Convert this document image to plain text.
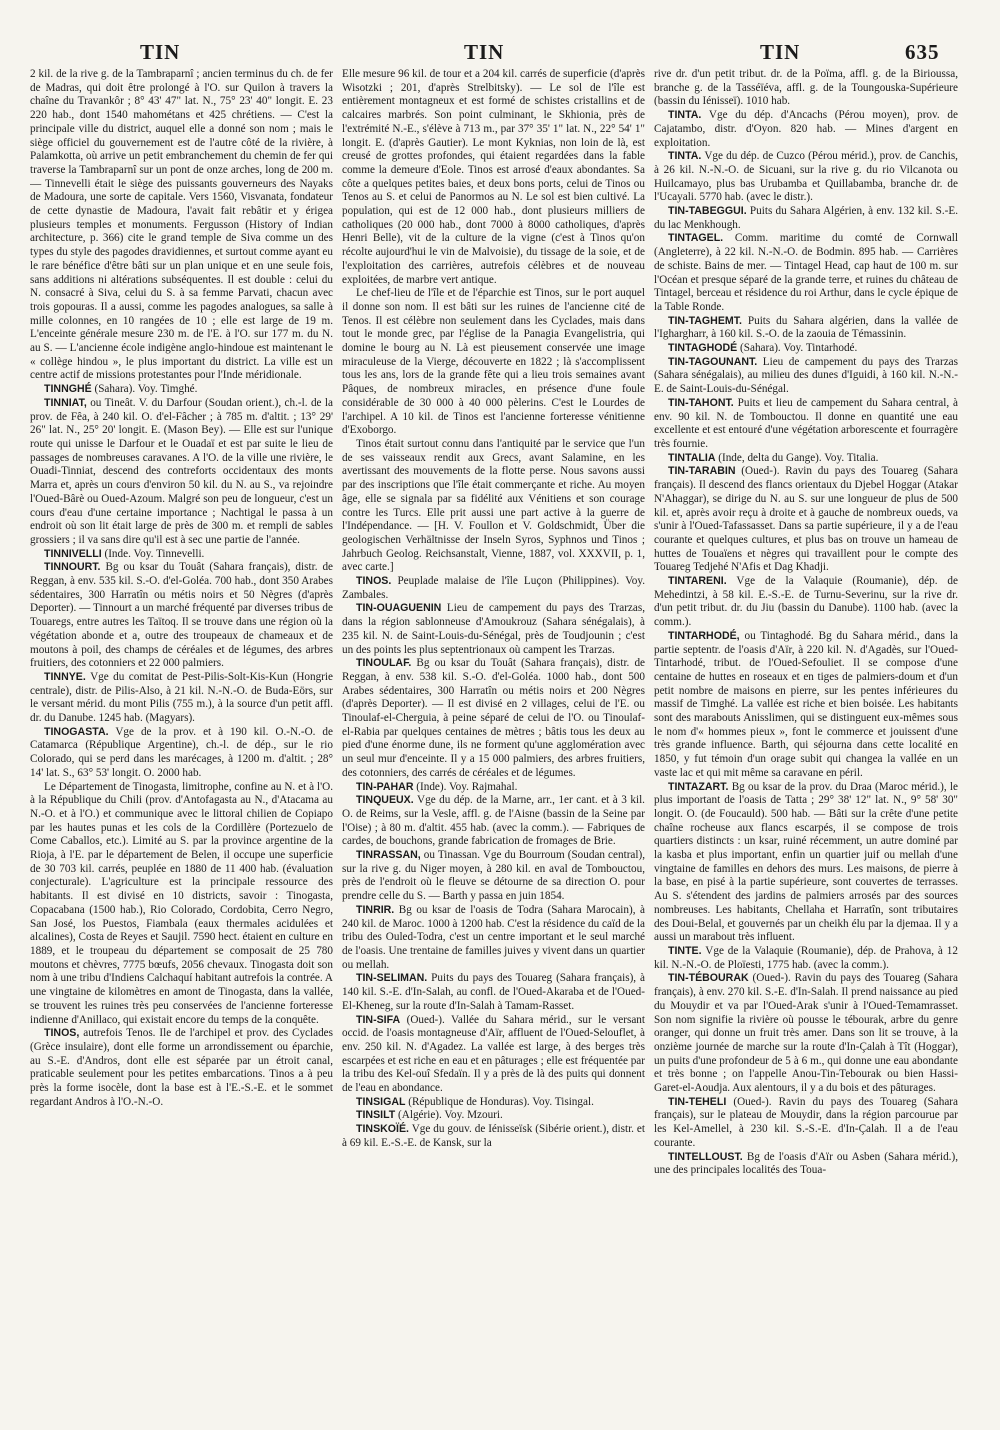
TIN	TIN	TIN	635

2 kil. de la rive g. de la Tambraparnî ; ancien terminus du ch. de fer de Madras, qui doit être prolongé à l'O. sur Quilon à travers la chaîne du Travankôr ; 8° 43' 47" lat. N., 75° 23' 40" longit. E. 23 220 hab., dont 1540 mahométans et 425 chrétiens. — C'est la principale ville du district, auquel elle a donné son nom ; mais le siège officiel du gouvernement est de l'autre côté de la rivière, à Palamkotta, où arrive un petit embranchement du chemin de fer qui traverse la Tambraparnî sur un pont de onze arches, long de 200 m. — Tinnevelli était le siège des puissants gouverneurs des Nayaks de Madoura, une sorte de capitale. Vers 1560, Visvanata, fondateur de cette dynastie de Madoura, l'avait fait rebâtir et y érigea plusieurs temples et monuments. Fergusson (History of Indian architecture, p. 366) cite le grand temple de Siva comme un des types du style des pagodes dravidiennes, et surtout comme ayant eu le rare bénéfice d'être bâti sur un plan unique et en une seule fois, sans additions ni altérations subséquentes. Il est double : celui du N. consacré à Siva, celui du S. à sa femme Parvati, chacun avec trois gopouras. Il a aussi, comme les pagodes analogues, sa salle à mille colonnes, en 10 rangées de 10 ; elle est large de 19 m. L'enceinte générale mesure 230 m. de l'E. à l'O. sur 177 m. du N. au S. — L'ancienne école indigène anglo-hindoue est maintenant le « collège hindou », le plus important du district. La ville est un centre actif de missions protestantes pour l'Inde méridionale.

TINNGHÉ (Sahara). Voy. Timghé.

TINNIAT, ou Tineât. V. du Darfour (Soudan orient.), ch.-l. de la prov. de Fêa, à 240 kil. O. d'el-Fâcher ; à 785 m. d'altit. ; 13° 29' 26" lat. N., 25° 20' longit. E. (Mason Bey). — Elle est sur l'unique route qui unisse le Darfour et le Ouadaï et est par suite le lieu de passages de nombreuses caravanes. A l'O. de la ville une rivière, le Ouadi-Tinniat, descend des contreforts occidentaux des monts Marra et, après un cours d'environ 50 kil. du N. au S., va rejoindre l'Oued-Bârè ou Oued-Azoum. Malgré son peu de longueur, c'est un cours d'eau d'une certaine importance ; Nachtigal le passa à un endroit où son lit était large de près de 300 m. et rempli de sables grossiers ; il va sans dire qu'il est à sec une partie de l'année.

TINNIVELLI (Inde. Voy. Tinnevelli.

TINNOURT. Bg ou ksar du Touât (Sahara français), distr. de Reggan, à env. 535 kil. S.-O. d'el-Goléa. 700 hab., dont 350 Arabes sédentaires, 300 Harratîn ou métis noirs et 50 Nègres (d'après Deporter). — Tinnourt a un marché fréquenté par diverses tribus de Touaregs, entre autres les Taïtoq. Il se trouve dans une région où la végétation abonde et a, outre des troupeaux de chameaux et de moutons à poil, des champs de céréales et de légumes, des arbres fruitiers, des cotonniers et 22 000 palmiers.

TINNYE. Vge du comitat de Pest-Pilis-Solt-Kis-Kun (Hongrie centrale), distr. de Pilis-Also, à 21 kil. N.-N.-O. de Buda-Eörs, sur le versant mérid. du mont Pilis (755 m.), à la source d'un petit affl. dr. du Danube. 1245 hab. (Magyars).

TINOGASTA. Vge de la prov. et à 190 kil. O.-N.-O. de Catamarca (République Argentine), ch.-l. de dép., sur le rio Colorado, qui se perd dans les marécages, à 1200 m. d'altit. ; 28° 14' lat. S., 63° 53' longit. O. 2000 hab.

Le Département de Tinogasta, limitrophe, confine au N. et à l'O. à la République du Chili (prov. d'Antofagasta au N., d'Atacama au N.-O. et à l'O.) et communique avec le littoral chilien de Copiapo par les hautes punas et les cols de la Cordillère (Portezuelo de Come Caballos, etc.). Limité au S. par la province argentine de la Rioja, à l'E. par le département de Belen, il occupe une superficie de 30 703 kil. carrés, peuplée en 1880 de 11 400 hab. (évaluation conjecturale). L'agriculture est la principale ressource des habitants. Il est divisé en 10 districts, savoir : Tinogasta, Copacabana (1500 hab.), Rio Colorado, Cordobita, Cerro Negro, San José, los Puestos, Fiambala (eaux thermales acidulées et alcalines), Costa de Reyes et Saujil. 7590 hect. étaient en culture en 1889, et le troupeau du département se composait de 25 780 moutons et chèvres, 7775 bœufs, 2056 chevaux. Tinogasta doit son nom à une tribu d'Indiens Calchaquí habitant autrefois la contrée. A une vingtaine de kilomètres en amont de Tinogasta, dans la vallée, se trouvent les ruines très peu conservées de l'ancienne forteresse indienne d'Anillaco, qui existait encore du temps de la conquête.

TINOS, autrefois Tenos. Ile de l'archipel et prov. des Cyclades (Grèce insulaire), dont elle forme un arrondissement ou éparchie, au S.-E. d'Andros, dont elle est séparée par un étroit canal, praticable seulement pour les petites embarcations. Tinos a à peu près la forme isocèle, dont la base est à l'E.-S.-E. et le sommet regardant Andros à l'O.-N.-O.

Elle mesure 96 kil. de tour et a 204 kil. carrés de superficie (d'après Wisotzki ; 201, d'après Strelbitsky). — Le sol de l'île est entièrement montagneux et est formé de schistes cristallins et de calcaires marbrés. Son point culminant, le Skhionia, près de l'extrémité N.-E., s'élève à 713 m., par 37° 35' 1" lat. N., 22° 54' 1" longit. E. (d'après Gautier). Le mont Kyknias, non loin de là, est creusé de grottes profondes, qui étaient regardées dans la fable comme la demeure d'Eole. Tinos est arrosé d'eaux abondantes. Sa côte a quelques petites baies, et deux bons ports, celui de Tinos ou Tenos au S. et celui de Panormos au N. Le sol est bien cultivé. La population, qui est de 12 000 hab., dont plusieurs milliers de catholiques (20 000 hab., dont 7000 à 8000 catholiques, d'après Henri Belle), vit de la culture de la vigne (c'est à Tinos qu'on récolte aujourd'hui le vin de Malvoisie), du tissage de la soie, et de l'exploitation des carrières, autrefois célèbres et de nouveau exploitées, de marbre vert antique.

Le chef-lieu de l'île et de l'éparchie est Tinos, sur le port auquel il donne son nom. Il est bâti sur les ruines de l'ancienne cité de Tenos. Il est célèbre non seulement dans les Cyclades, mais dans tout le monde grec, par l'église de la Panagia Evangelistria, qui domine le bourg au N. Là est pieusement conservée une image miraculeuse de la Vierge, découverte en 1822 ; là s'accomplissent tous les ans, lors de la grande fête qui a lieu trois semaines avant Pâques, de nombreux miracles, en présence d'une foule considérable de 30 000 à 40 000 pèlerins. C'est le Lourdes de l'archipel. A 10 kil. de Tinos est l'ancienne forteresse vénitienne d'Exoborgo.

Tinos était surtout connu dans l'antiquité par le service que l'un de ses vaisseaux rendit aux Grecs, avant Salamine, en les avertissant des mouvements de la flotte perse. Nous savons aussi par des inscriptions que l'île était commerçante et riche. Au moyen âge, elle se signala par sa fidélité aux Vénitiens et son courage contre les Turcs. Elle prit aussi une part active à la guerre de l'Indépendance. — [H. V. Foullon et V. Goldschmidt, Über die geologischen Verhältnisse der Inseln Syros, Syphnos und Tinos ; Jahrbuch Geolog. Reichsanstalt, Vienne, 1887, vol. XXXVII, p. 1, avec carte.]

TINOS. Peuplade malaise de l'île Luçon (Philippines). Voy. Zambales.

TIN-OUAGUENIN Lieu de campement du pays des Trarzas, dans la région sablonneuse d'Amoukrouz (Sahara sénégalais), à 235 kil. N. de Saint-Louis-du-Sénégal, près de Toudjounin ; c'est un des points les plus septentrionaux où campent les Trarzas.

TINOULAF. Bg ou ksar du Touât (Sahara français), distr. de Reggan, à env. 538 kil. S.-O. d'el-Goléa. 1000 hab., dont 500 Arabes sédentaires, 300 Harratîn ou métis noirs et 200 Nègres (d'après Deporter). — Il est divisé en 2 villages, celui de l'E. ou Tinoulaf-el-Cherguia, à peine séparé de celui de l'O. ou Tinoulaf-el-Rabia par quelques centaines de mètres ; bâtis tous les deux au pied d'une énorme dune, ils ne forment qu'une agglomération avec un seul mur d'enceinte. Il y a 15 000 palmiers, des arbres fruitiers, des cotonniers, des carrés de céréales et de légumes.

TIN-PAHAR (Inde). Voy. Rajmahal.

TINQUEUX. Vge du dép. de la Marne, arr., 1er cant. et à 3 kil. O. de Reims, sur la Vesle, affl. g. de l'Aisne (bassin de la Seine par l'Oise) ; à 80 m. d'altit. 455 hab. (avec la comm.). — Fabriques de cardes, de bouchons, grande fabrication de fromages de Brie.

TINRASSAN, ou Tinassan. Vge du Bourroum (Soudan central), sur la rive g. du Niger moyen, à 280 kil. en aval de Tombouctou, près de l'endroit où le fleuve se détourne de sa direction O. pour prendre celle du S. — Barth y passa en juin 1854.

TINRIR. Bg ou ksar de l'oasis de Todra (Sahara Marocain), à 240 kil. de Maroc. 1000 à 1200 hab. C'est la résidence du caïd de la tribu des Ouled-Todra, c'est un centre important et le seul marché de l'oasis. Une trentaine de familles juives y vivent dans un quartier ou mellah.

TIN-SELIMAN. Puits du pays des Touareg (Sahara français), à 140 kil. S.-E. d'In-Salah, au confl. de l'Oued-Akaraba et de l'Oued-El-Kheneg, sur la route d'In-Salah à Tamam-Rasset.

TIN-SIFA (Oued-). Vallée du Sahara mérid., sur le versant occid. de l'oasis montagneuse d'Aïr, affluent de l'Oued-Selouflet, à env. 250 kil. N. d'Agadez. La vallée est large, à des berges très escarpées et est riche en eau et en pâturages ; elle est fréquentée par la tribu des Kel-ouî Sfedaïn. Il y a près de là des puits qui donnent de l'eau en abondance.

TINSIGAL (République de Honduras). Voy. Tisingal.

TINSILT (Algérie). Voy. Mzouri.

TINSKOÏÉ. Vge du gouv. de Iénisseïsk (Sibérie orient.), distr. et à 69 kil. E.-S.-E. de Kansk, sur la

rive dr. d'un petit tribut. dr. de la Poïma, affl. g. de la Birioussa, branche g. de la Tasséïéva, affl. g. de la Toungouska-Supérieure (bassin du Iénisseï). 1010 hab.

TINTA. Vge du dép. d'Ancachs (Pérou moyen), prov. de Cajatambo, distr. d'Oyon. 820 hab. — Mines d'argent en exploitation.

TINTA. Vge du dép. de Cuzco (Pérou mérid.), prov. de Canchis, à 26 kil. N.-N.-O. de Sicuani, sur la rive g. du rio Vilcanota ou Huilcamayo, plus bas Urubamba et Quillabamba, branche dr. de l'Ucayali. 5770 hab. (avec le distr.).

TIN-TABEGGUI. Puits du Sahara Algérien, à env. 132 kil. S.-E. du lac Menkhough.

TINTAGEL. Comm. maritime du comté de Cornwall (Angleterre), à 22 kil. N.-N.-O. de Bodmin. 895 hab. — Carrières de schiste. Bains de mer. — Tintagel Head, cap haut de 100 m. sur l'Océan et presque séparé de la grande terre, et ruines du château de Tintagel, berceau et résidence du roi Arthur, dans le cycle épique de la Table Ronde.

TIN-TAGHEMT. Puits du Sahara algérien, dans la vallée de l'Ighargharr, à 160 kil. S.-O. de la zaouia de Témassinin.

TINTAGHODÉ (Sahara). Voy. Tintarhodé.

TIN-TAGOUNANT. Lieu de campement du pays des Trarzas (Sahara sénégalais), au milieu des dunes d'Iguidi, à 160 kil. N.-N.-E. de Saint-Louis-du-Sénégal.

TIN-TAHONT. Puits et lieu de campement du Sahara central, à env. 90 kil. N. de Tombouctou. Il donne en quantité une eau excellente et est entouré d'une végétation arborescente et fourragère très fournie.

TINTALIA (Inde, delta du Gange). Voy. Titalia.

TIN-TARABIN (Oued-). Ravin du pays des Touareg (Sahara français). Il descend des flancs orientaux du Djebel Hoggar (Atakar N'Ahaggar), se dirige du N. au S. sur une longueur de plus de 500 kil. et, après avoir reçu à droite et à gauche de nombreux oueds, va s'unir à l'Oued-Tafassasset. Dans sa partie supérieure, il y a de l'eau courante et quelques cultures, et plus bas on trouve un hameau de huttes de Touaïens et nègres qui travaillent pour le compte des Touareg Tedjehé N'Afis et Dag Khadji.

TINTARENI. Vge de la Valaquie (Roumanie), dép. de Mehedintzi, à 58 kil. E.-S.-E. de Turnu-Severinu, sur la rive dr. d'un petit tribut. dr. du Jiu (bassin du Danube). 1100 hab. (avec la comm.).

TINTARHODÉ, ou Tintaghodé. Bg du Sahara mérid., dans la partie septentr. de l'oasis d'Aïr, à 220 kil. N. d'Agadès, sur l'Oued-Tintarhodé, tribut. de l'Oued-Sefouliet. Il se compose d'une centaine de huttes en roseaux et en tiges de palmiers-doum et d'un petit nombre de maisons en pierre, sur les pentes inférieures du massif de Timghé. La vallée est riche et bien boisée. Les habitants sont des marabouts Anisslimen, qui se distinguent eux-mêmes sous le nom d'« hommes pieux », font le commerce et jouissent d'une très grande influence. Barth, qui séjourna dans cette localité en 1850, y fut témoin d'un orage subit qui changea la vallée en un vaste lac et qui mit même sa caravane en péril.

TINTAZART. Bg ou ksar de la prov. du Draa (Maroc mérid.), le plus important de l'oasis de Tatta ; 29° 38' 12" lat. N., 9° 58' 30" longit. O. (de Foucauld). 500 hab. — Bâti sur la crête d'une petite chaîne rocheuse aux flancs escarpés, il se compose de trois quartiers distincts : un ksar, ruiné récemment, un autre dominé par la kasba et plus important, enfin un quartier juif ou mellah d'une vingtaine de familles en dehors des murs. Les maisons, de pierre à la base, en pisé à la partie supérieure, sont couvertes de terrasses. Au S. s'étendent des jardins de palmiers arrosés par des sources nombreuses. Les habitants, Chellaha et Harratîn, sont tributaires des Doui-Belal, et gouvernés par un cheikh élu par la djemaa. Il y a aussi un marabout très influent.

TINTE. Vge de la Valaquie (Roumanie), dép. de Prahova, à 12 kil. N.-N.-O. de Ploïesti, 1775 hab. (avec la comm.).

TIN-TÉBOURAK (Oued-). Ravin du pays des Touareg (Sahara français), à env. 270 kil. S.-E. d'In-Salah. Il prend naissance au pied du Mouydir et va par l'Oued-Arak s'unir à l'Oued-Temamrasset. Son nom signifie la rivière où pousse le tébourak, arbre du genre oranger, qui donne un fruit très amer. Dans son lit se trouve, à la onzième journée de marche sur la route d'In-Çalah à Tît (Hoggar), un puits d'une profondeur de 5 à 6 m., qui donne une eau abondante et très bonne ; on l'appelle Anou-Tin-Tebourak ou bien Hassi-Garet-el-Aoudja. Aux alentours, il y a du bois et des pâturages.

TIN-TEHELI (Oued-). Ravin du pays des Touareg (Sahara français), sur le plateau de Mouydir, dans la région parcourue par les Kel-Amellel, à 230 kil. S.-S.-E. d'In-Çalah. Il a de l'eau courante.

TINTELLOUST. Bg de l'oasis d'Aïr ou Asben (Sahara mérid.), une des principales localités des Toua-
